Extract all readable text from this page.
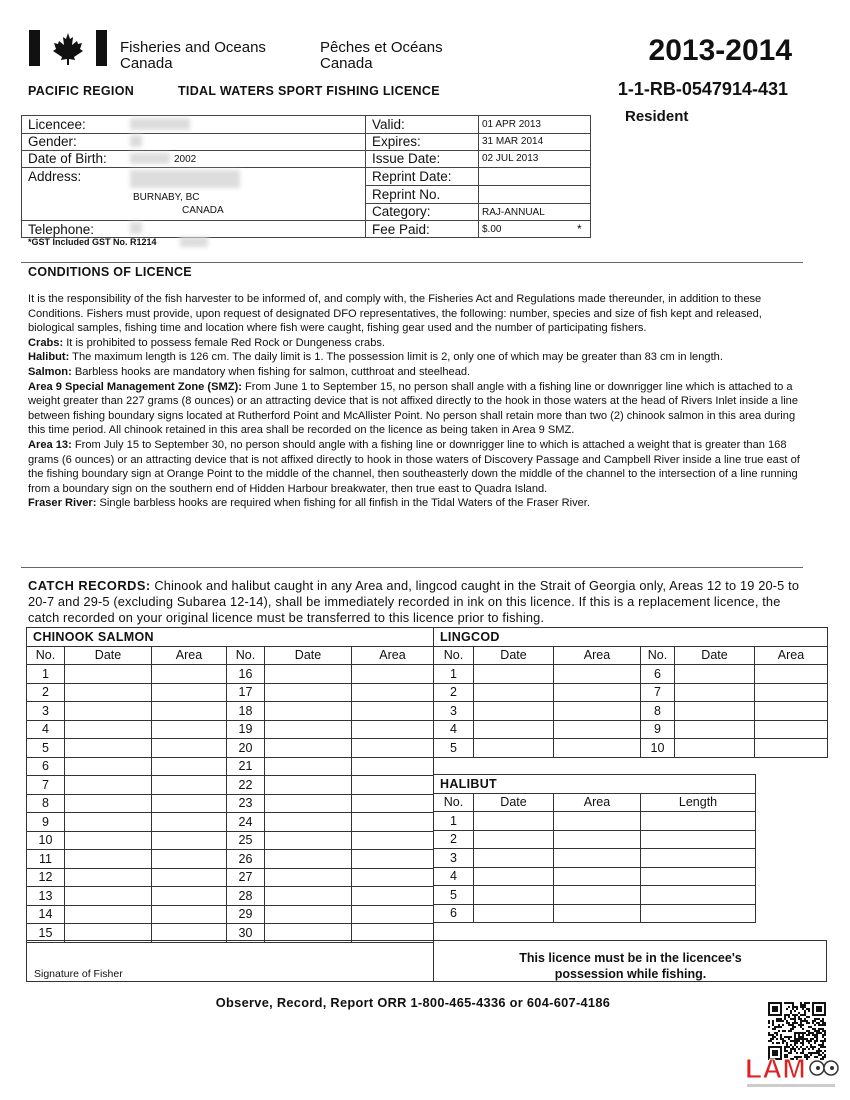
Fisheries and Oceans
Canada
Pêches et Océans
Canada	2013-2014
1-1-RB-0547914-431
Resident
PACIFIC REGION	TIDAL WATERS SPORT FISHING LICENCE
Licencee:
Gender:
Date of Birth:	2002
Address:
BURNABY, BC
CANADA
Telephone:
Valid:	01 APR 2013
Expires:	31 MAR 2014
Issue Date:	02 JUL 2013
Reprint Date:
Reprint No.
Category:	RAJ-ANNUAL
Fee Paid:	$.00	*
*GST Included GST No. R1214
CONDITIONS OF LICENCE

It is the responsibility of the fish harvester to be informed of, and comply with, the Fisheries Act and Regulations made thereunder, in addition to these Conditions. Fishers must provide, upon request of designated DFO representatives, the following: number, species and size of fish kept and released, biological samples, fishing time and location where fish were caught, fishing gear used and the number of participating fishers.

Crabs: It is prohibited to possess female Red Rock or Dungeness crabs.

Halibut: The maximum length is 126 cm. The daily limit is 1. The possession limit is 2, only one of which may be greater than 83 cm in length.

Salmon: Barbless hooks are mandatory when fishing for salmon, cutthroat and steelhead.

Area 9 Special Management Zone (SMZ): From June 1 to September 15, no person shall angle with a fishing line or downrigger line which is attached to a weight greater than 227 grams (8 ounces) or an attracting device that is not affixed directly to the hook in those waters at the head of Rivers Inlet inside a line between fishing boundary signs located at Rutherford Point and McAllister Point. No person shall retain more than two (2) chinook salmon in this area during this time period. All chinook retained in this area shall be recorded on the licence as being taken in Area 9 SMZ.

Area 13: From July 15 to September 30, no person should angle with a fishing line or downrigger line to which is attached a weight that is greater than 168 grams (6 ounces) or an attracting device that is not affixed directly to hook in those waters of Discovery Passage and Campbell River inside a line true east of the fishing boundary sign at Orange Point to the middle of the channel, then southeasterly down the middle of the channel to the intersection of a line running from a boundary sign on the southern end of Hidden Harbour breakwater, then true east to Quadra Island.

Fraser River: Single barbless hooks are required when fishing for all finfish in the Tidal Waters of the Fraser River.

CATCH RECORDS: Chinook and halibut caught in any Area and, lingcod caught in the Strait of Georgia only, Areas 12 to 19 20-5 to 20-7 and 29-5 (excluding Subarea 12-14), shall be immediately recorded in ink on this licence. If this is a replacement licence, the catch recorded on your original licence must be transferred to this licence prior to fishing.
CHINOOK SALMON					
No.	Date	Area	No.	Date	Area
1			16		
2			17		
3			18		
4			19		
5			20		
6			21		
7			22		
8			23		
9			24		
10			25		
11			26		
12			27		
13			28		
14			29		
15			30		
LINGCOD					
No.	Date	Area	No.	Date	Area
1			6		
2			7		
3			8		
4			9		
5			10		
HALIBUT			
No.	Date	Area	Length
1			
2			
3			
4			
5			
6			
Signature of Fisher
This licence must be in the licencee's
possession while fishing.
Observe, Record, Report ORR 1-800-465-4336 or 604-607-4186
LAM
